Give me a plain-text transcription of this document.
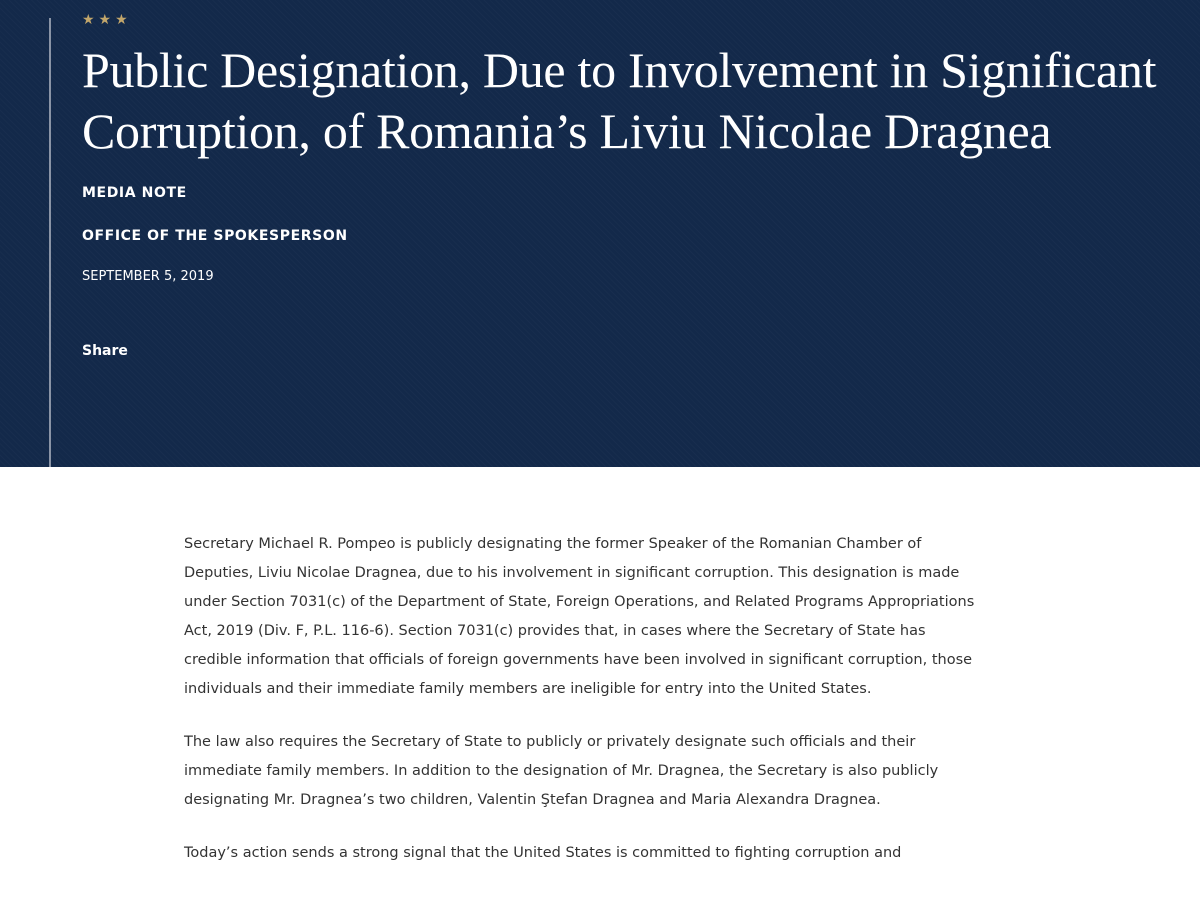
★★★
Public Designation, Due to Involvement in Significant Corruption, of Romania’s Liviu Nicolae Dragnea
MEDIA NOTE
OFFICE OF THE SPOKESPERSON
SEPTEMBER 5, 2019
Share

Secretary Michael R. Pompeo is publicly designating the former Speaker of the Romanian Chamber of Deputies, Liviu Nicolae Dragnea, due to his involvement in significant corruption. This designation is made under Section 7031(c) of the Department of State, Foreign Operations, and Related Programs Appropriations Act, 2019 (Div. F, P.L. 116-6). Section 7031(c) provides that, in cases where the Secretary of State has credible information that officials of foreign governments have been involved in significant corruption, those individuals and their immediate family members are ineligible for entry into the United States.

The law also requires the Secretary of State to publicly or privately designate such officials and their immediate family members. In addition to the designation of Mr. Dragnea, the Secretary is also publicly designating Mr. Dragnea’s two children, Valentin Ştefan Dragnea and Maria Alexandra Dragnea.

Today’s action sends a strong signal that the United States is committed to fighting corruption and
